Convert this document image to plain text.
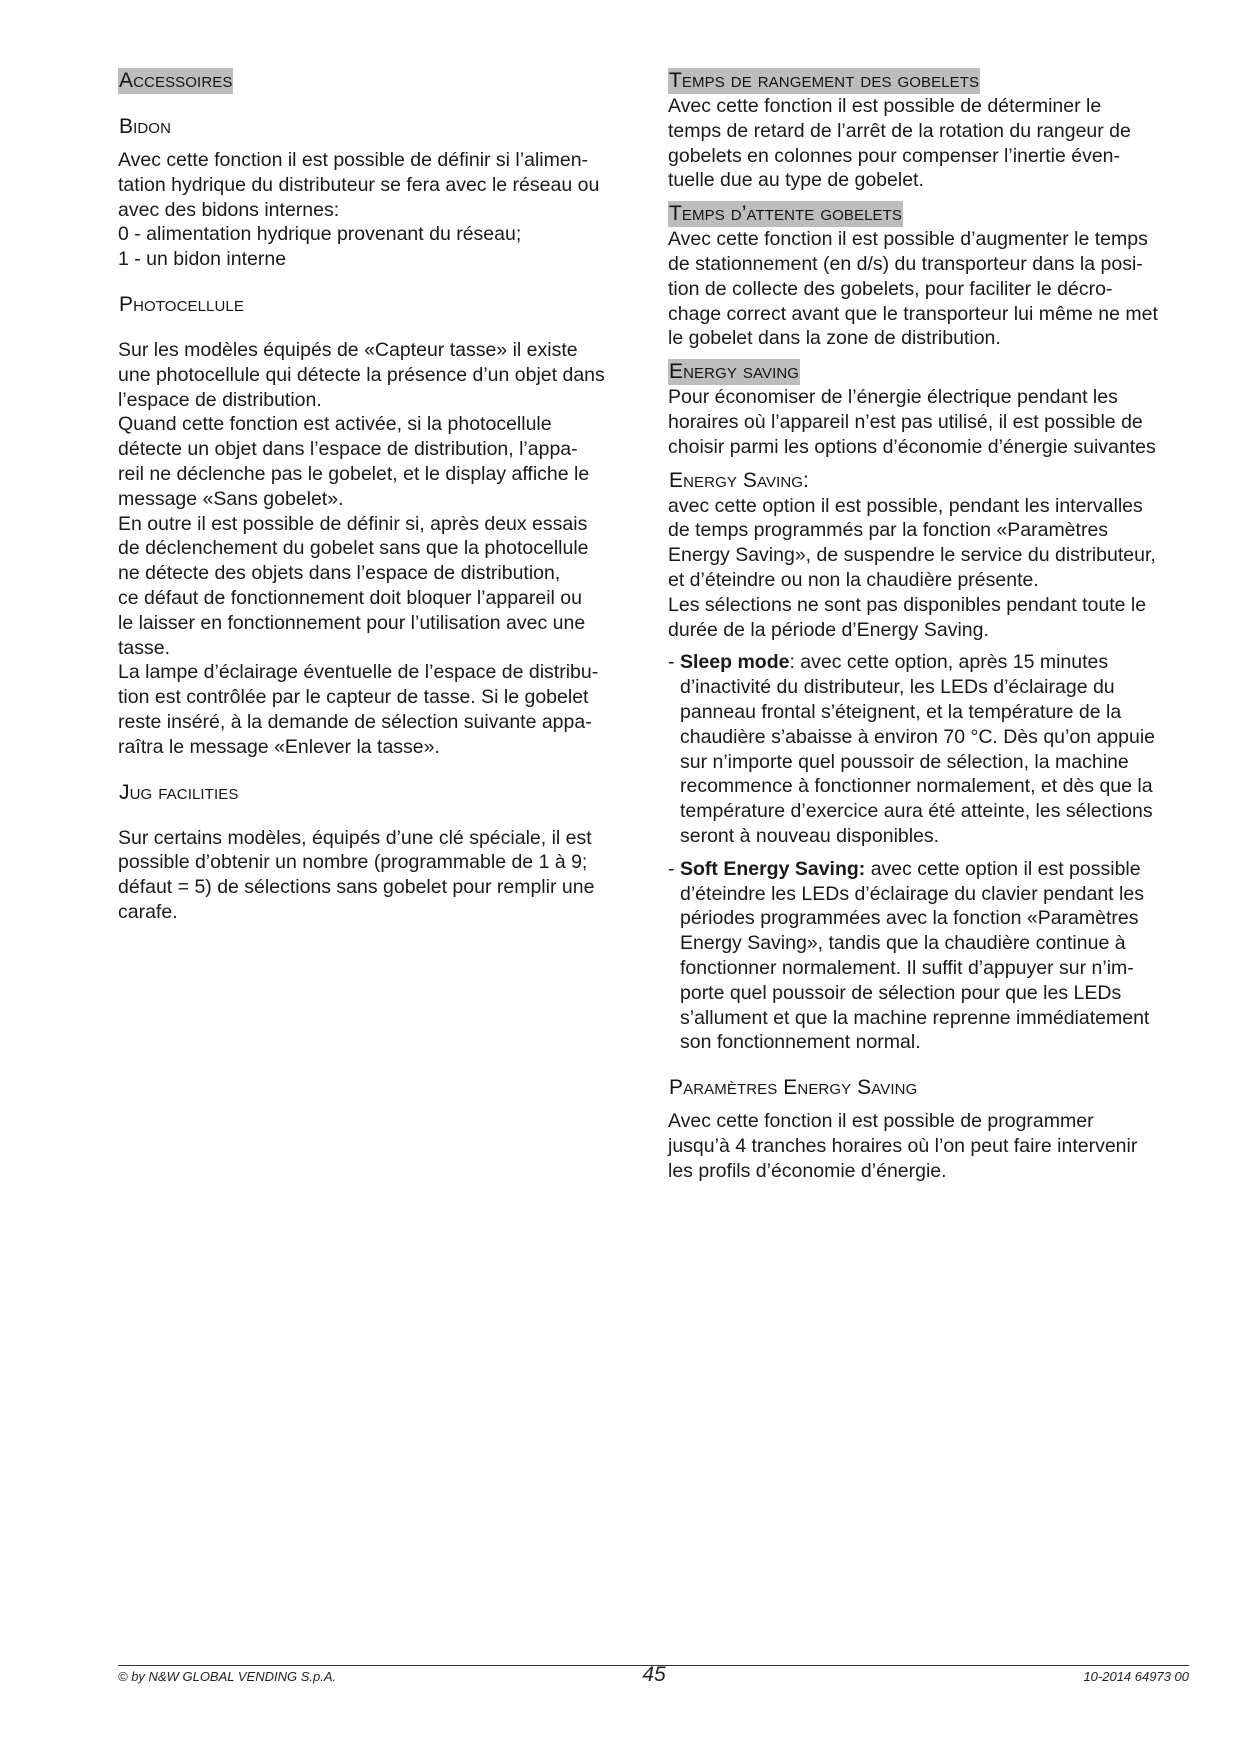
Accessoires
Bidon

Avec cette fonction il est possible de définir si l’alimen-
tation hydrique du distributeur se fera avec le réseau ou
avec des bidons internes:
0 - alimentation hydrique provenant du réseau;
1 - un bidon interne

Photocellule

Sur les modèles équipés de «Capteur tasse» il existe
une photocellule qui détecte la présence d’un objet dans
l’espace de distribution.
Quand cette fonction est activée, si la photocellule
détecte un objet dans l’espace de distribution, l’appa-
reil ne déclenche pas le gobelet, et le display affiche le
message «Sans gobelet».
En outre il est possible de définir si, après deux essais
de déclenchement du gobelet sans que la photocellule
ne détecte des objets dans l’espace de distribution,
ce défaut de fonctionnement doit bloquer l’appareil ou
le laisser en fonctionnement pour l’utilisation avec une
tasse.
La lampe d’éclairage éventuelle de l’espace de distribu-
tion est contrôlée par le capteur de tasse. Si le gobelet
reste inséré, à la demande de sélection suivante appa-
raîtra le message «Enlever la tasse».

Jug facilities

Sur certains modèles, équipés d’une clé spéciale, il est
possible d’obtenir un nombre (programmable de 1 à 9;
défaut = 5) de sélections sans gobelet pour remplir une
carafe.

Temps de rangement des gobelets

Avec cette fonction il est possible de déterminer le
temps de retard de l’arrêt de la rotation du rangeur de
gobelets en colonnes pour compenser l’inertie éven-
tuelle due au type de gobelet.

Temps d’attente gobelets

Avec cette fonction il est possible d’augmenter le temps
de stationnement (en d/s) du transporteur dans la posi-
tion de collecte des gobelets, pour faciliter le décro-
chage correct avant que le transporteur lui même ne met
le gobelet dans la zone de distribution.

Energy saving

Pour économiser de l’énergie électrique pendant les
horaires où l’appareil n’est pas utilisé, il est possible de
choisir parmi les options d’économie d’énergie suivantes

Energy Saving:

avec cette option il est possible, pendant les intervalles
de temps programmés par la fonction «Paramètres
Energy Saving», de suspendre le service du distributeur,
et d’éteindre ou non la chaudière présente.
Les sélections ne sont pas disponibles pendant toute le
durée de la période d’Energy Saving.

- Sleep mode: avec cette option, après 15 minutes
d’inactivité du distributeur, les LEDs d’éclairage du
panneau frontal s’éteignent, et la température de la
chaudière s’abaisse à environ 70 °C. Dès qu’on appuie
sur n’importe quel poussoir de sélection, la machine
recommence à fonctionner normalement, et dès que la
température d’exercice aura été atteinte, les sélections
seront à nouveau disponibles.
- Soft Energy Saving: avec cette option il est possible
d’éteindre les LEDs d’éclairage du clavier pendant les
périodes programmées avec la fonction «Paramètres
Energy Saving», tandis que la chaudière continue à
fonctionner normalement. Il suffit d’appuyer sur n’im-
porte quel poussoir de sélection pour que les LEDs
s’allument et que la machine reprenne immédiatement
son fonctionnement normal.
Paramètres Energy Saving

Avec cette fonction il est possible de programmer
jusqu’à 4 tranches horaires où l’on peut faire intervenir
les profils d’économie d’énergie.

© by N&W GLOBAL VENDING S.p.A.	45	10-2014 64973 00
